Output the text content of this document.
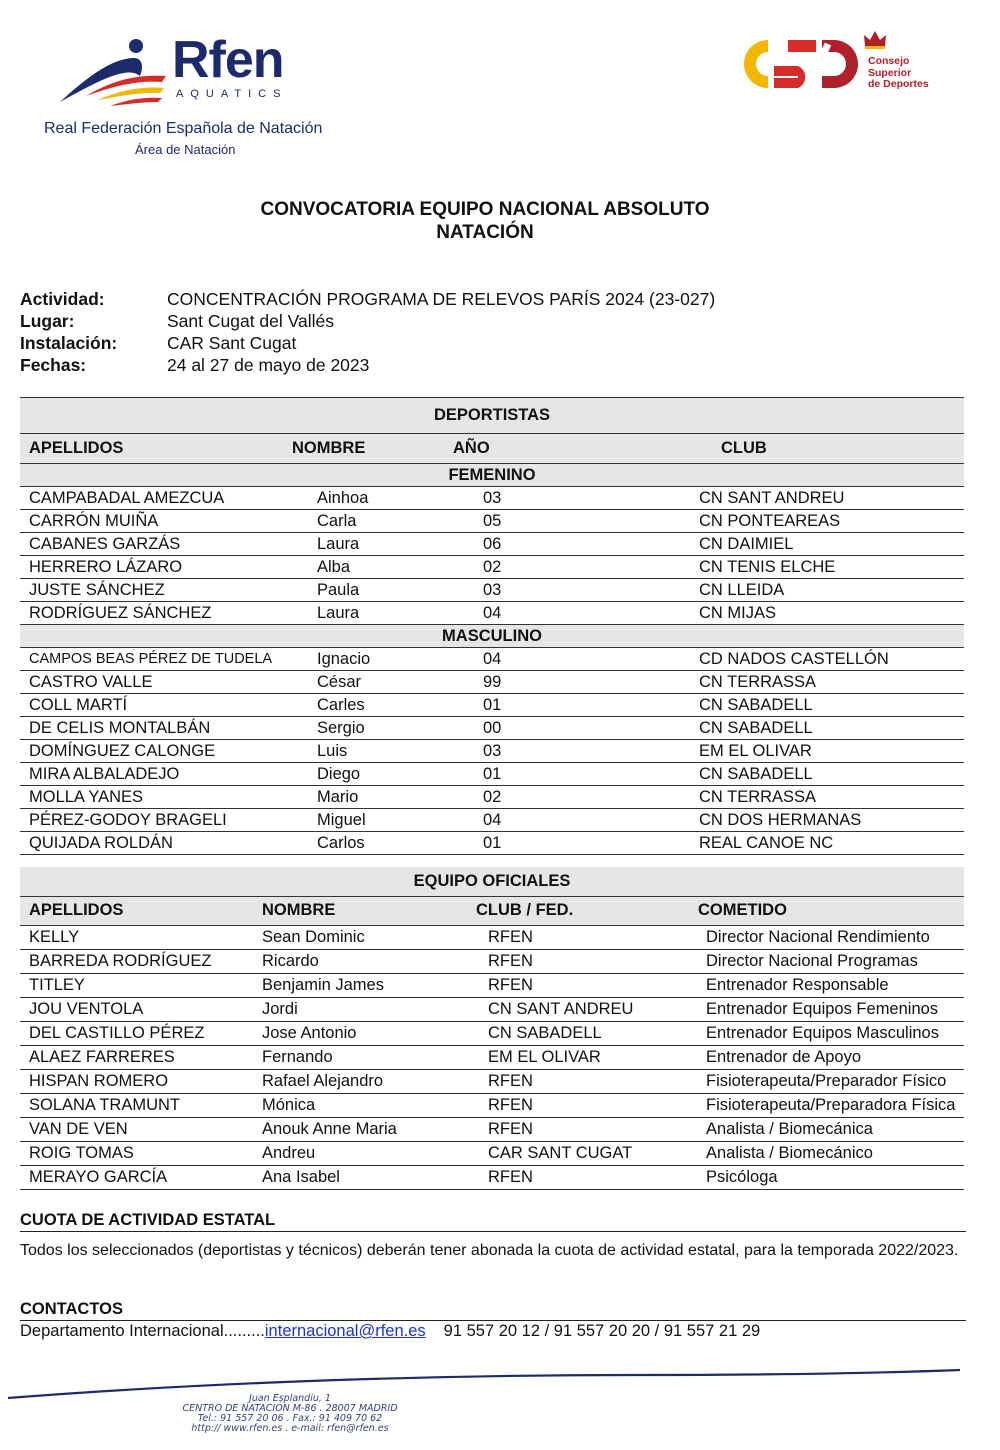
Rfen
AQUATICS
Real Federación Española de Natación
Área de Natación
Consejo
Superior
de Deportes
CONVOCATORIA EQUIPO NACIONAL ABSOLUTO
NATACIÓN
Actividad:	CONCENTRACIÓN PROGRAMA DE RELEVOS PARÍS 2024 (23-027)
Lugar:	Sant Cugat del Vallés
Instalación:	CAR Sant Cugat
Fechas:	24 al 27 de mayo de 2023
DEPORTISTAS			
APELLIDOS	NOMBRE	AÑO	CLUB
FEMENINO			
CAMPABADAL AMEZCUA	Ainhoa	03	CN SANT ANDREU
CARRÓN MUIÑA	Carla	05	CN PONTEAREAS
CABANES GARZÁS	Laura	06	CN DAIMIEL
HERRERO LÁZARO	Alba	02	CN TENIS ELCHE
JUSTE SÁNCHEZ	Paula	03	CN LLEIDA
RODRÍGUEZ SÁNCHEZ	Laura	04	CN MIJAS
MASCULINO			
CAMPOS BEAS PÉREZ DE TUDELA	Ignacio	04	CD NADOS CASTELLÓN
CASTRO VALLE	César	99	CN TERRASSA
COLL MARTÍ	Carles	01	CN SABADELL
DE CELIS MONTALBÁN	Sergio	00	CN SABADELL
DOMÍNGUEZ CALONGE	Luis	03	EM EL OLIVAR
MIRA ALBALADEJO	Diego	01	CN SABADELL
MOLLA YANES	Mario	02	CN TERRASSA
PÉREZ-GODOY BRAGELI	Miguel	04	CN DOS HERMANAS
QUIJADA ROLDÁN	Carlos	01	REAL CANOE NC
EQUIPO OFICIALES			
APELLIDOS	NOMBRE	CLUB / FED.	COMETIDO
KELLY	Sean Dominic	RFEN	Director Nacional Rendimiento
BARREDA RODRÍGUEZ	Ricardo	RFEN	Director Nacional Programas
TITLEY	Benjamin James	RFEN	Entrenador Responsable
JOU VENTOLA	Jordi	CN SANT ANDREU	Entrenador Equipos Femeninos
DEL CASTILLO PÉREZ	Jose Antonio	CN SABADELL	Entrenador Equipos Masculinos
ALAEZ FARRERES	Fernando	EM EL OLIVAR	Entrenador de Apoyo
HISPAN ROMERO	Rafael Alejandro	RFEN	Fisioterapeuta/Preparador Físico
SOLANA TRAMUNT	Mónica	RFEN	Fisioterapeuta/Preparadora Física
VAN DE VEN	Anouk Anne Maria	RFEN	Analista / Biomecánica
ROIG TOMAS	Andreu	CAR SANT CUGAT	Analista / Biomecánico
MERAYO GARCÍA	Ana Isabel	RFEN	Psicóloga
CUOTA DE ACTIVIDAD ESTATAL
Todos los seleccionados (deportistas y técnicos) deberán tener abonada la cuota de actividad estatal, para la temporada 2022/2023.
CONTACTOS
Departamento Internacional.........internacional@rfen.es 91 557 20 12 / 91 557 20 20 / 91 557 21 29
Juan Esplandiu, 1
CENTRO DE NATACIÓN M-86 . 28007 MADRID
Tel.: 91 557 20 06 . Fax.: 91 409 70 62
http:// www.rfen.es . e-mail: rfen@rfen.es
